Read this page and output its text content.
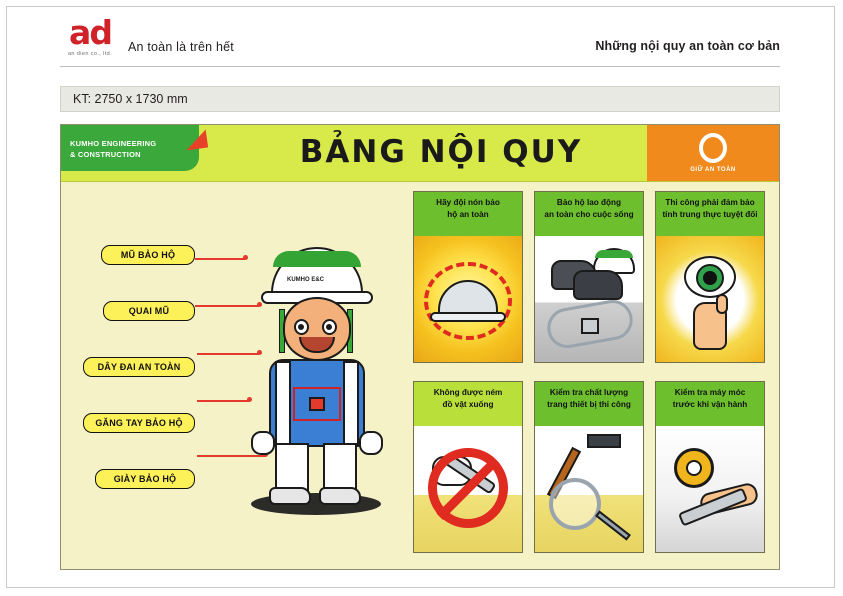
ad
an dien co., ltd.	An toàn là trên hết	Những nội quy an toàn cơ bản
KT: 2750 x 1730 mm
KUMHO ENGINEERING
& CONSTRUCTION	BẢNG NỘI QUY	GIỮ AN TOÀN
MŨ BẢO HỘ
QUAI MŨ
DÂY ĐAI AN TOÀN
GĂNG TAY BẢO HỘ
GIÀY BẢO HỘ
KUMHO E&C
Hãy đội nón bảo
hộ an toàn
Bảo hộ lao động
an toàn cho cuộc sống
Thi công phải đảm bảo
tính trung thực tuyệt đối
Không được ném
đồ vật xuống
Kiểm tra chất lượng
trang thiết bị thi công
Kiểm tra máy móc
trước khi vận hành
